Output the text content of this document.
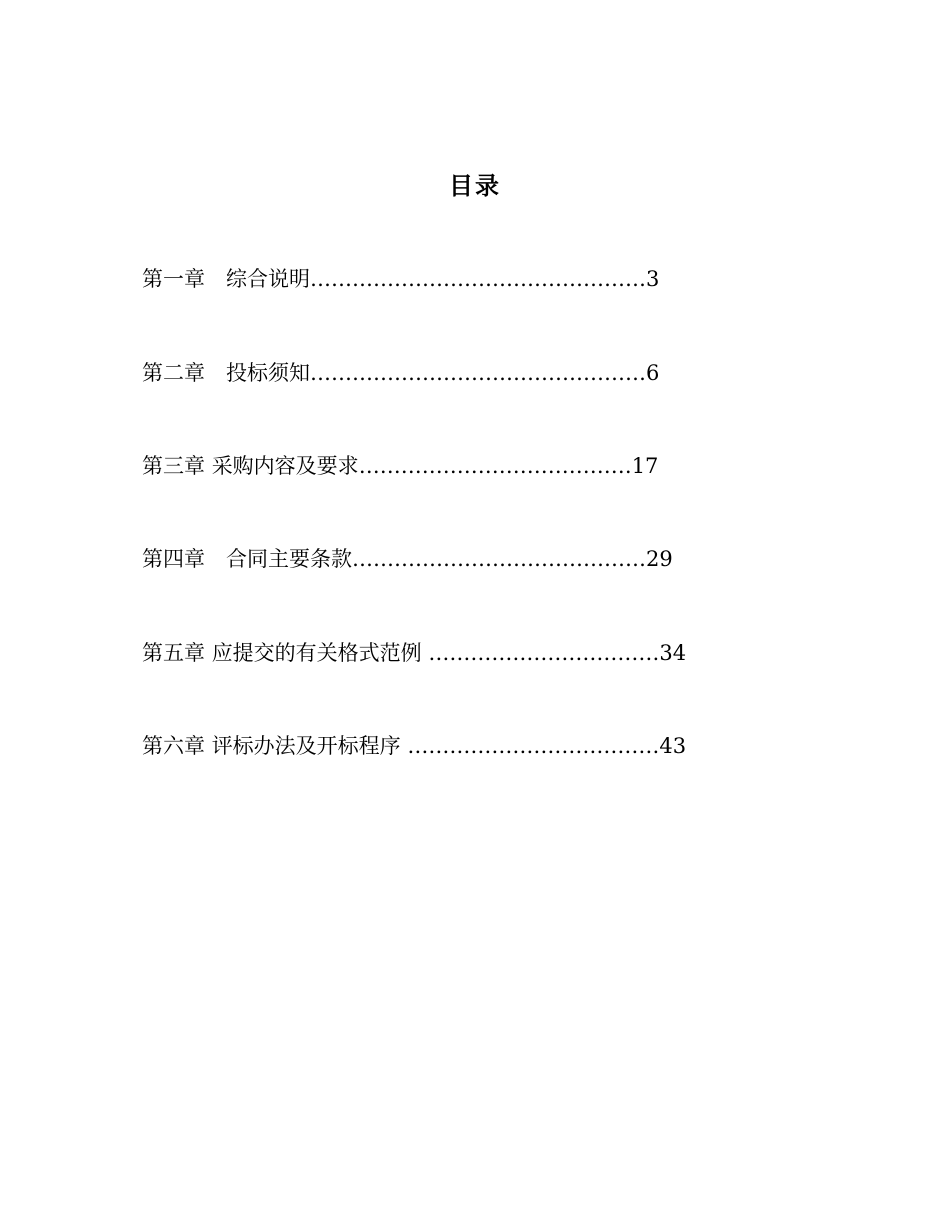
目录
第一章　 综合说明…………………………………………3
第二章　 投标须知…………………………………………6
第三章 采购内容及要求…………………………………17
第四章　 合同主要条款……………………………………29
第五章 应提交的有关格式范例 ……………………………34
第六章 评标办法及开标程序 ………………………………43
